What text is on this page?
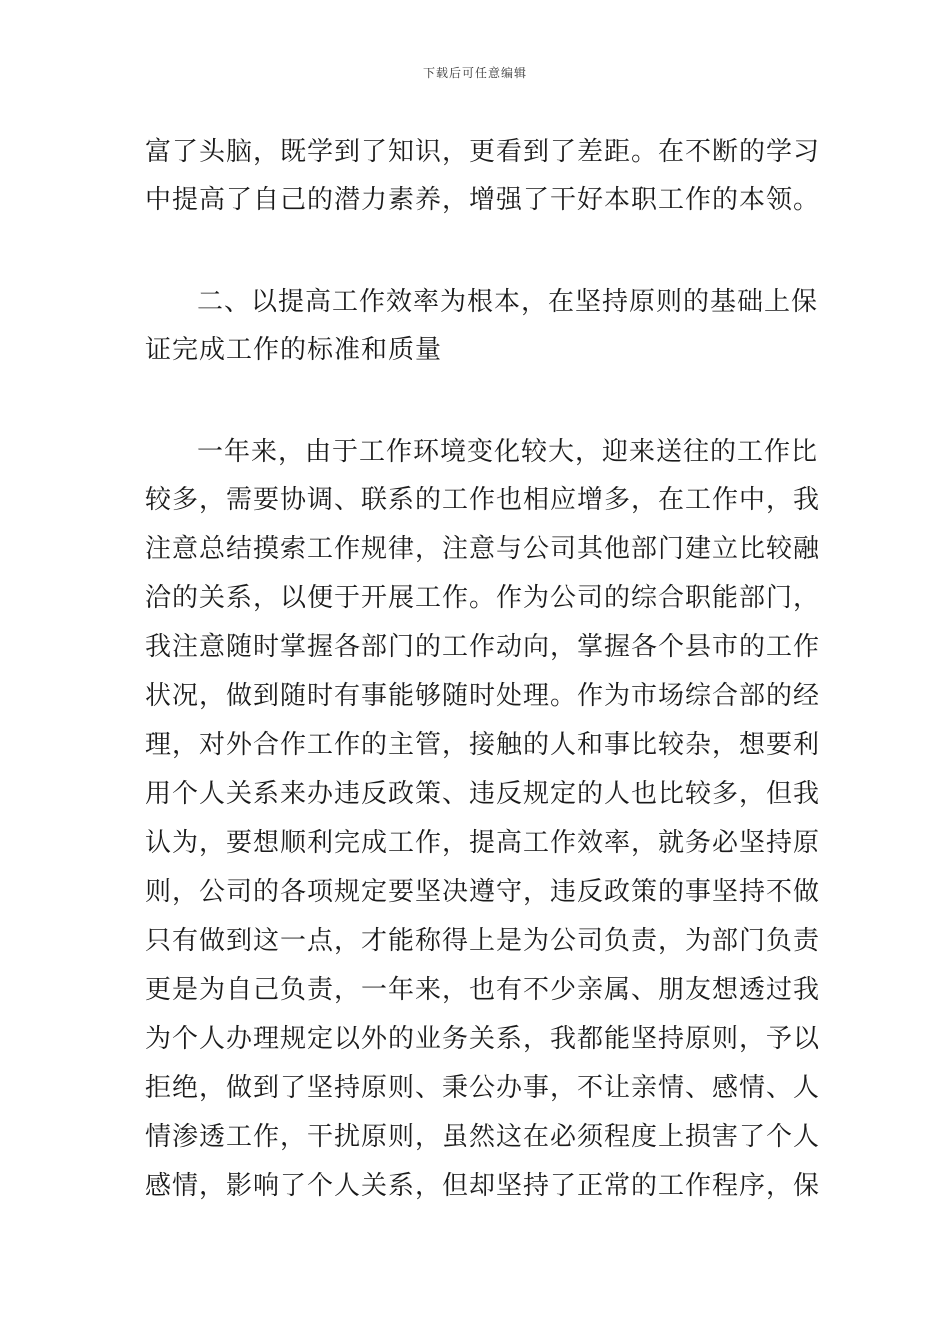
下载后可任意编辑
富了头脑，既学到了知识，更看到了差距。在不断的学习
中提高了自己的潜力素养，增强了干好本职工作的本领。
二、以提高工作效率为根本，在坚持原则的基础上保
证完成工作的标准和质量
一年来，由于工作环境变化较大，迎来送往的工作比
较多，需要协调、联系的工作也相应增多，在工作中，我
注意总结摸索工作规律，注意与公司其他部门建立比较融
洽的关系，以便于开展工作。作为公司的综合职能部门，
我注意随时掌握各部门的工作动向，掌握各个县市的工作
状况，做到随时有事能够随时处理。作为市场综合部的经
理，对外合作工作的主管，接触的人和事比较杂，想要利
用个人关系来办违反政策、违反规定的人也比较多，但我
认为，要想顺利完成工作，提高工作效率，就务必坚持原
则，公司的各项规定要坚决遵守，违反政策的事坚持不做
只有做到这一点，才能称得上是为公司负责，为部门负责
更是为自己负责，一年来，也有不少亲属、朋友想透过我
为个人办理规定以外的业务关系，我都能坚持原则，予以
拒绝，做到了坚持原则、秉公办事，不让亲情、感情、人
情渗透工作，干扰原则，虽然这在必须程度上损害了个人
感情，影响了个人关系，但却坚持了正常的工作程序，保
